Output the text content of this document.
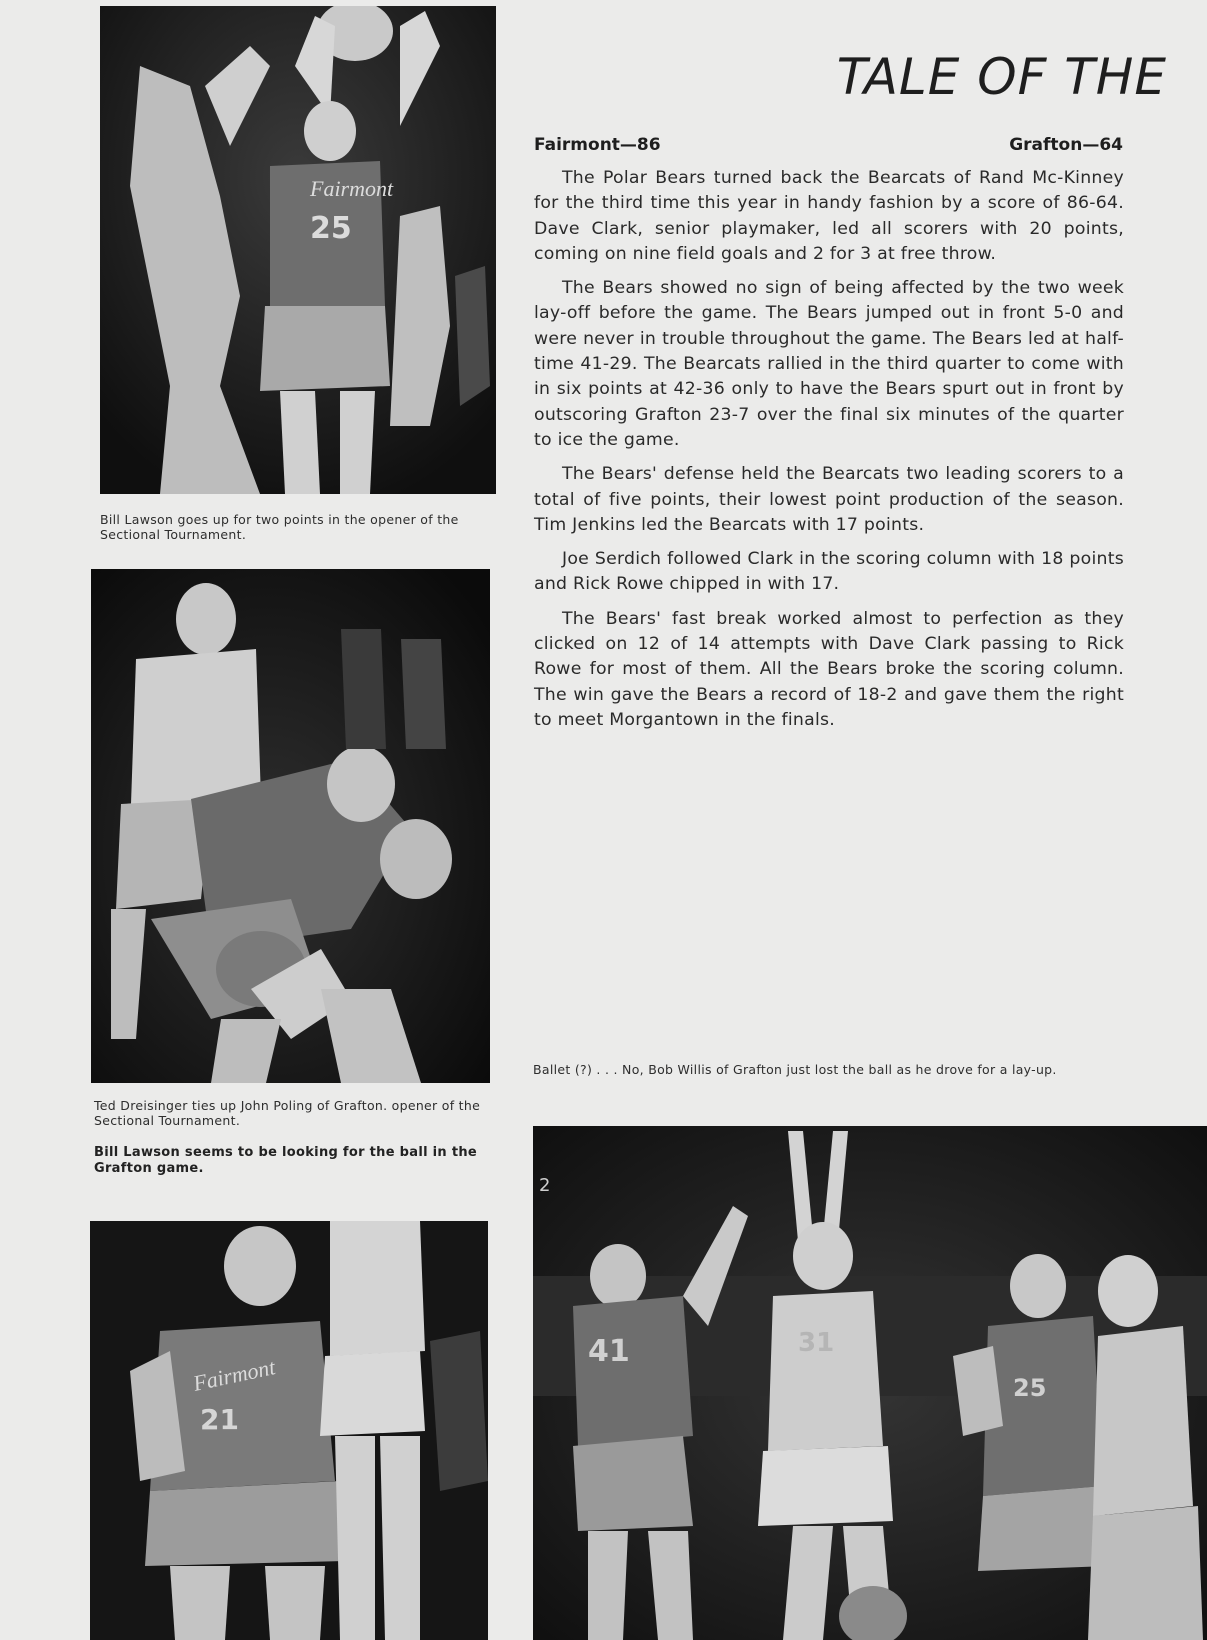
TALE OF THE

Fairmont—86	Grafton—64

The Polar Bears turned back the Bearcats of Rand Mc-Kinney for the third time this year in handy fashion by a score of 86-64. Dave Clark, senior playmaker, led all scorers with 20 points, coming on nine field goals and 2 for 3 at free throw.

The Bears showed no sign of being affected by the two week lay-off before the game. The Bears jumped out in front 5-0 and were never in trouble throughout the game. The Bears led at half-time 41-29. The Bearcats rallied in the third quarter to come with in six points at 42-36 only to have the Bears spurt out in front by outscoring Grafton 23-7 over the final six minutes of the quarter to ice the game.

The Bears' defense held the Bearcats two leading scorers to a total of five points, their lowest point production of the season. Tim Jenkins led the Bearcats with 17 points.

Joe Serdich followed Clark in the scoring column with 18 points and Rick Rowe chipped in with 17.

The Bears' fast break worked almost to perfection as they clicked on 12 of 14 attempts with Dave Clark passing to Rick Rowe for most of them. All the Bears broke the scoring column. The win gave the Bears a record of 18-2 and gave them the right to meet Morgantown in the finals.

Fairmont
25

Bill Lawson goes up for two points in the opener of the Sectional Tournament.

Ted Dreisinger ties up John Poling of Grafton. opener of the Sectional Tournament.

Bill Lawson seems to be looking for the ball in the Grafton game.

Fairmont
21

Ballet (?) . . . No, Bob Willis of Grafton just lost the ball as he drove for a lay-up.

2
41	31
25
